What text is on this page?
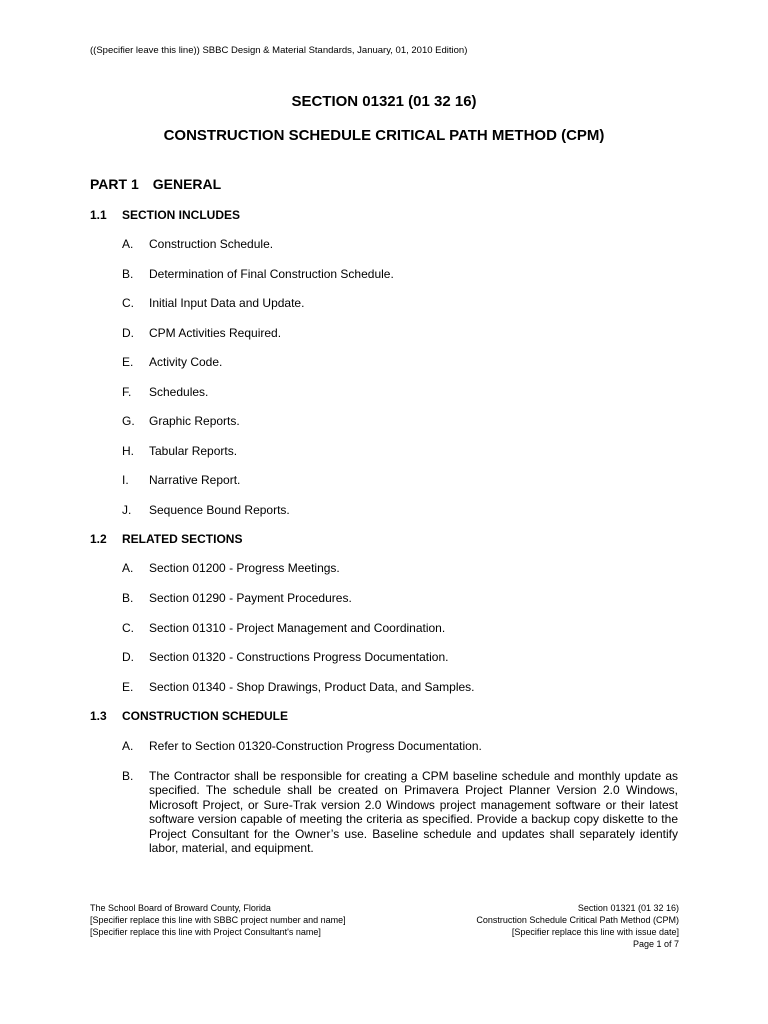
((Specifier leave this line)) SBBC Design & Material Standards, January, 01, 2010 Edition)
SECTION 01321 (01 32 16)
CONSTRUCTION SCHEDULE CRITICAL PATH METHOD (CPM)
PART 1 GENERAL
1.1 SECTION INCLUDES
A. Construction Schedule.
B. Determination of Final Construction Schedule.
C. Initial Input Data and Update.
D. CPM Activities Required.
E. Activity Code.
F. Schedules.
G. Graphic Reports.
H. Tabular Reports.
I. Narrative Report.
J. Sequence Bound Reports.
1.2 RELATED SECTIONS
A. Section 01200 - Progress Meetings.
B. Section 01290 - Payment Procedures.
C. Section 01310 - Project Management and Coordination.
D. Section 01320 - Constructions Progress Documentation.
E. Section 01340 - Shop Drawings, Product Data, and Samples.
1.3 CONSTRUCTION SCHEDULE
A. Refer to Section 01320-Construction Progress Documentation.
B. The Contractor shall be responsible for creating a CPM baseline schedule and monthly update as specified. The schedule shall be created on Primavera Project Planner Version 2.0 Windows, Microsoft Project, or Sure-Trak version 2.0 Windows project management software or their latest software version capable of meeting the criteria as specified. Provide a backup copy diskette to the Project Consultant for the Owner’s use. Baseline schedule and updates shall separately identify labor, material, and equipment.
The School Board of Broward County, Florida
[Specifier replace this line with SBBC project number and name]
[Specifier replace this line with Project Consultant's name]
Section 01321 (01 32 16)
Construction Schedule Critical Path Method (CPM)
[Specifier replace this line with issue date]
Page 1 of 7
